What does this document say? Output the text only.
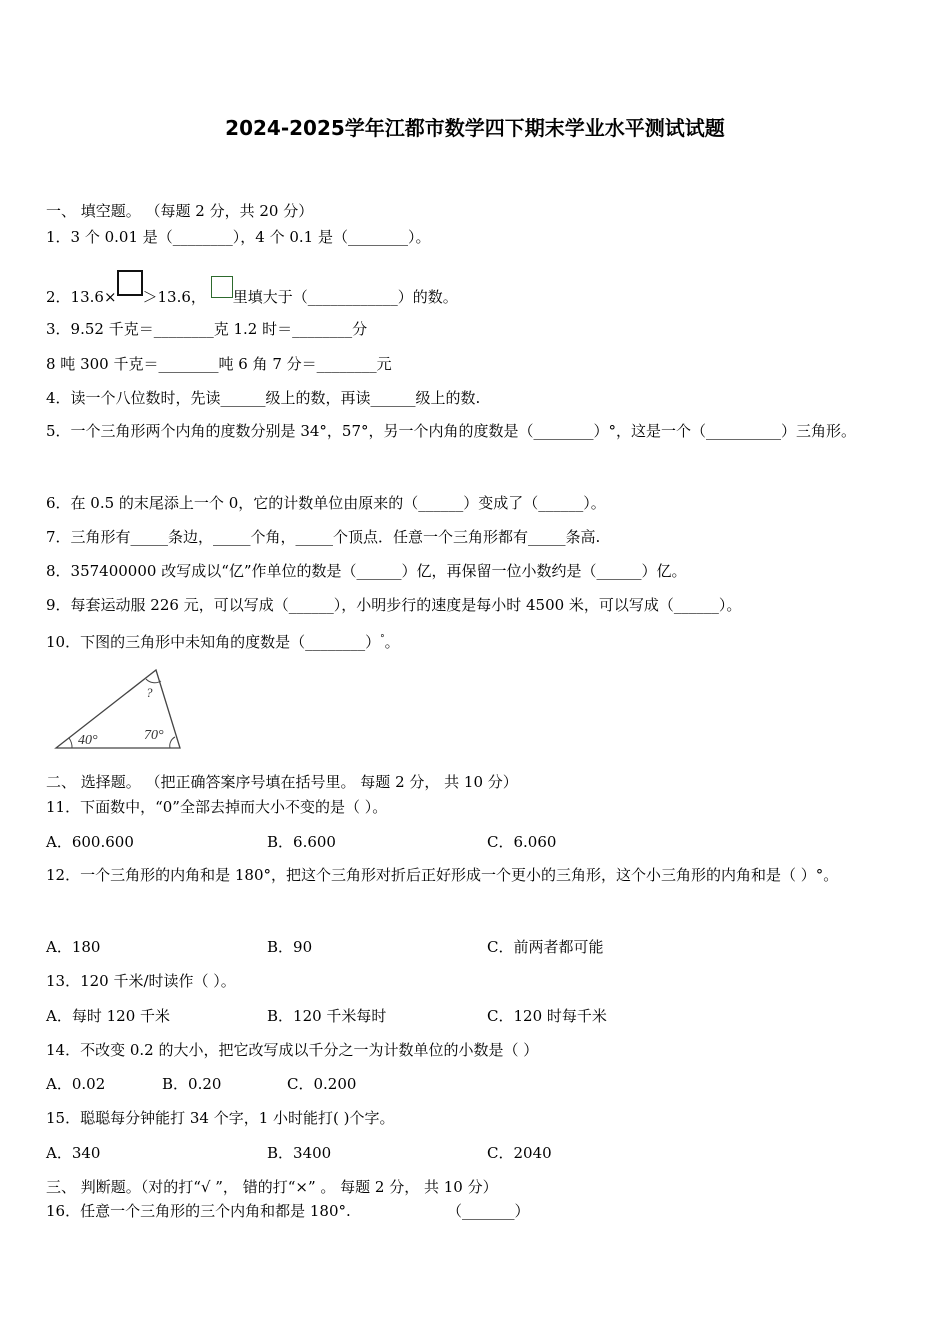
2024-2025学年江都市数学四下期末学业水平测试试题
一、 填空题。 （每题 2 分，共 20 分）
1．3 个 0.01 是（________），4 个 0.1 是（________）。
2．13.6× ＞13.6， 里填大于（____________）的数。
3．9.52 千克＝________克 1.2 时＝________分
8 吨 300 千克＝________吨 6 角 7 分＝________元
4．读一个八位数时，先读______级上的数，再读______级上的数.
5．一个三角形两个内角的度数分别是 34°，57°，另一个内角的度数是（________）°，这是一个（__________）三角形。
6．在 0.5 的末尾添上一个 0，它的计数单位由原来的（______）变成了（______）。
7．三角形有_____条边，_____个角，_____个顶点．任意一个三角形都有_____条高.
8．357400000 改写成以“亿”作单位的数是（______）亿，再保留一位小数约是（______）亿。
9．每套运动服 226 元，可以写成（______），小明步行的速度是每小时 4500 米，可以写成（______）。
10．下图的三角形中未知角的度数是（________）°。
40°	70°
?
二、 选择题。 （把正确答案序号填在括号里。 每题 2 分， 共 10 分）
11．下面数中，“0”全部去掉而大小不变的是（ ）。
A．600.600	B．6.600	C．6.060
12．一个三角形的内角和是 180°，把这个三角形对折后正好形成一个更小的三角形，这个小三角形的内角和是（ ）°。
A．180	B．90	C．前两者都可能
13．120 千米/时读作（ ）。
A．每时 120 千米	B．120 千米每时	C．120 时每千米
14．不改变 0.2 的大小，把它改写成以千分之一为计数单位的小数是（ ）
A．0.02	B．0.20	C．0.200
15．聪聪每分钟能打 34 个字，1 小时能打( )个字。
A．340	B．3400	C．2040
三、 判断题。（对的打“√ ”， 错的打“×” 。 每题 2 分， 共 10 分）
16．任意一个三角形的三个内角和都是 180°.	（_______）
